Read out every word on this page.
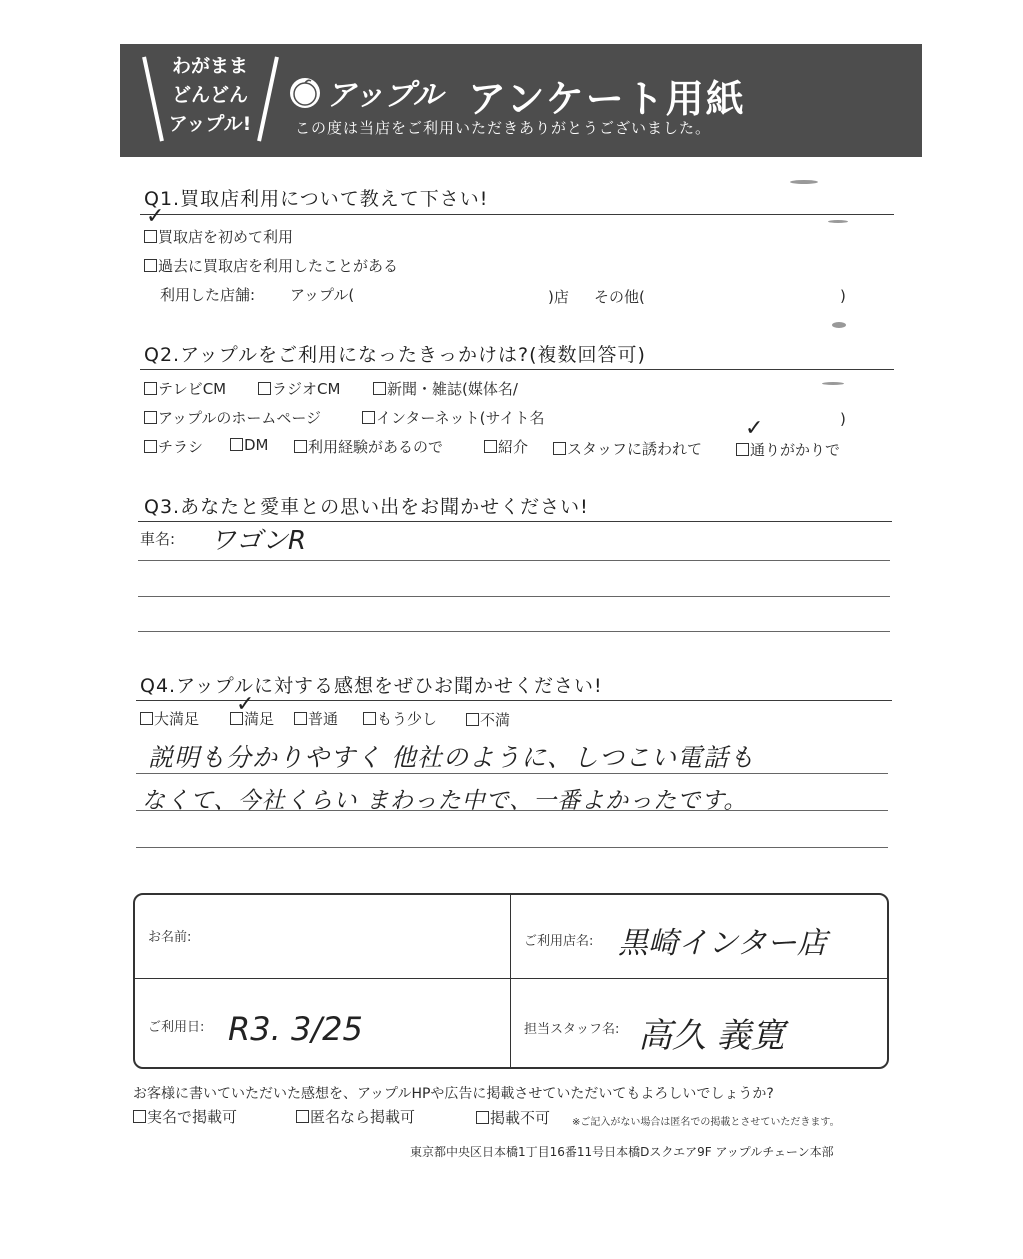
わがまま
どんどん
アップル!
アップル アンケート用紙
この度は当店をご利用いただきありがとうございました。
Q1.買取店利用について教えて下さい!
買取店を初めて利用
✓
過去に買取店を利用したことがある
利用した店舗: アップル(	)店 その他(	)
Q2.アップルをご利用になったきっかけは?(複数回答可)
テレビCM	ラジオCM	新聞・雑誌(媒体名/
アップルのホームページ	インターネット(サイト名	)
チラシ	DM	利用経験があるので	紹介	スタッフに誘われて	通りがかりで
✓
Q3.あなたと愛車との思い出をお聞かせください!
車名: ワゴンR
Q4.アップルに対する感想をぜひお聞かせください!
大満足	満足
✓
普通	もう少し	不満
説明も分かりやすく 他社のように、しつこい電話も
なくて、今社くらい まわった中で、一番よかったです。
お名前:	ご利用店名: 黒崎インター店
ご利用日: R3. 3/25	担当スタッフ名: 高久 義寛
お客様に書いていただいた感想を、アップルHPや広告に掲載させていただいてもよろしいでしょうか?
実名で掲載可	匿名なら掲載可	掲載不可 ※ご記入がない場合は匿名での掲載とさせていただきます。
東京都中央区日本橋1丁目16番11号日本橋Dスクエア9F アップルチェーン本部
